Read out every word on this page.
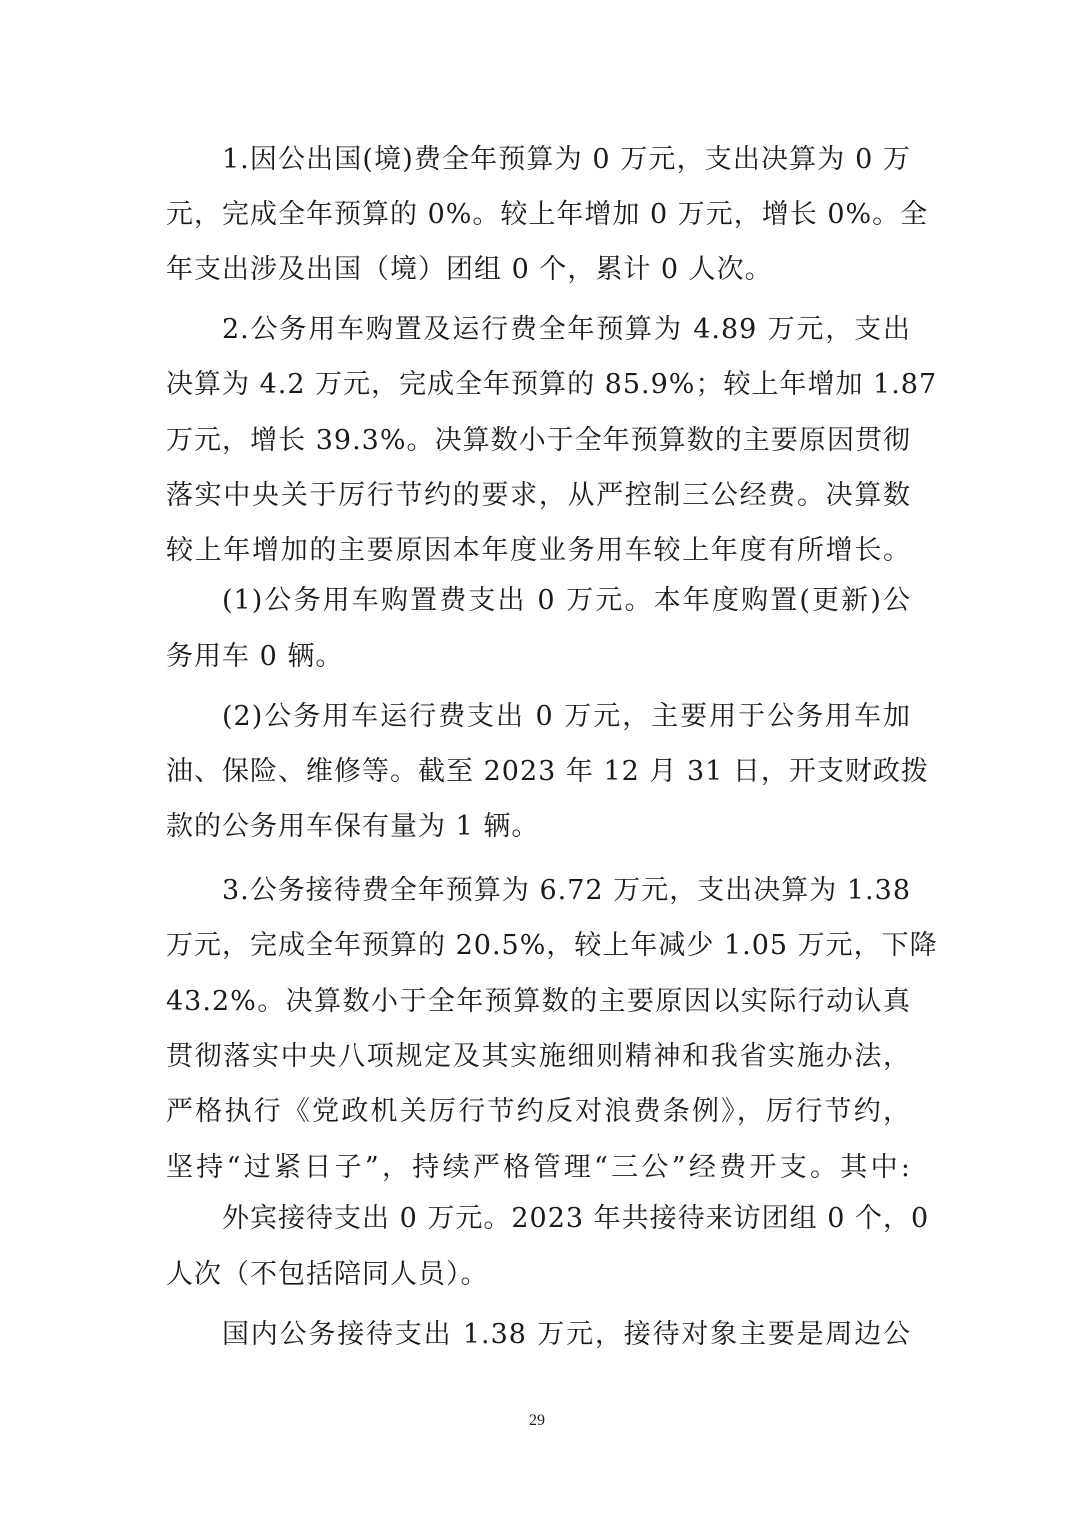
1.因公出国(境)费全年预算为 0 万元，支出决算为 0 万
元，完成全年预算的 0%。较上年增加 0 万元，增长 0%。全
年支出涉及出国（境）团组 0 个，累计 0 人次。
2.公务用车购置及运行费全年预算为 4.89 万元，支出
决算为 4.2 万元，完成全年预算的 85.9%；较上年增加 1.87
万元，增长 39.3%。决算数小于全年预算数的主要原因贯彻
落实中央关于厉行节约的要求，从严控制三公经费。决算数
较上年增加的主要原因本年度业务用车较上年度有所增长。
(1)公务用车购置费支出 0 万元。本年度购置(更新)公
务用车 0 辆。
(2)公务用车运行费支出 0 万元，主要用于公务用车加
油、保险、维修等。截至 2023 年 12 月 31 日，开支财政拨
款的公务用车保有量为 1 辆。
3.公务接待费全年预算为 6.72 万元，支出决算为 1.38
万元，完成全年预算的 20.5%，较上年减少 1.05 万元，下降
43.2%。决算数小于全年预算数的主要原因以实际行动认真
贯彻落实中央八项规定及其实施细则精神和我省实施办法，
严格执行《党政机关厉行节约反对浪费条例》，厉行节约，
坚持“过紧日子”，持续严格管理“三公”经费开支。其中:
外宾接待支出 0 万元。2023 年共接待来访团组 0 个，0
人次（不包括陪同人员）。
国内公务接待支出 1.38 万元，接待对象主要是周边公
29
